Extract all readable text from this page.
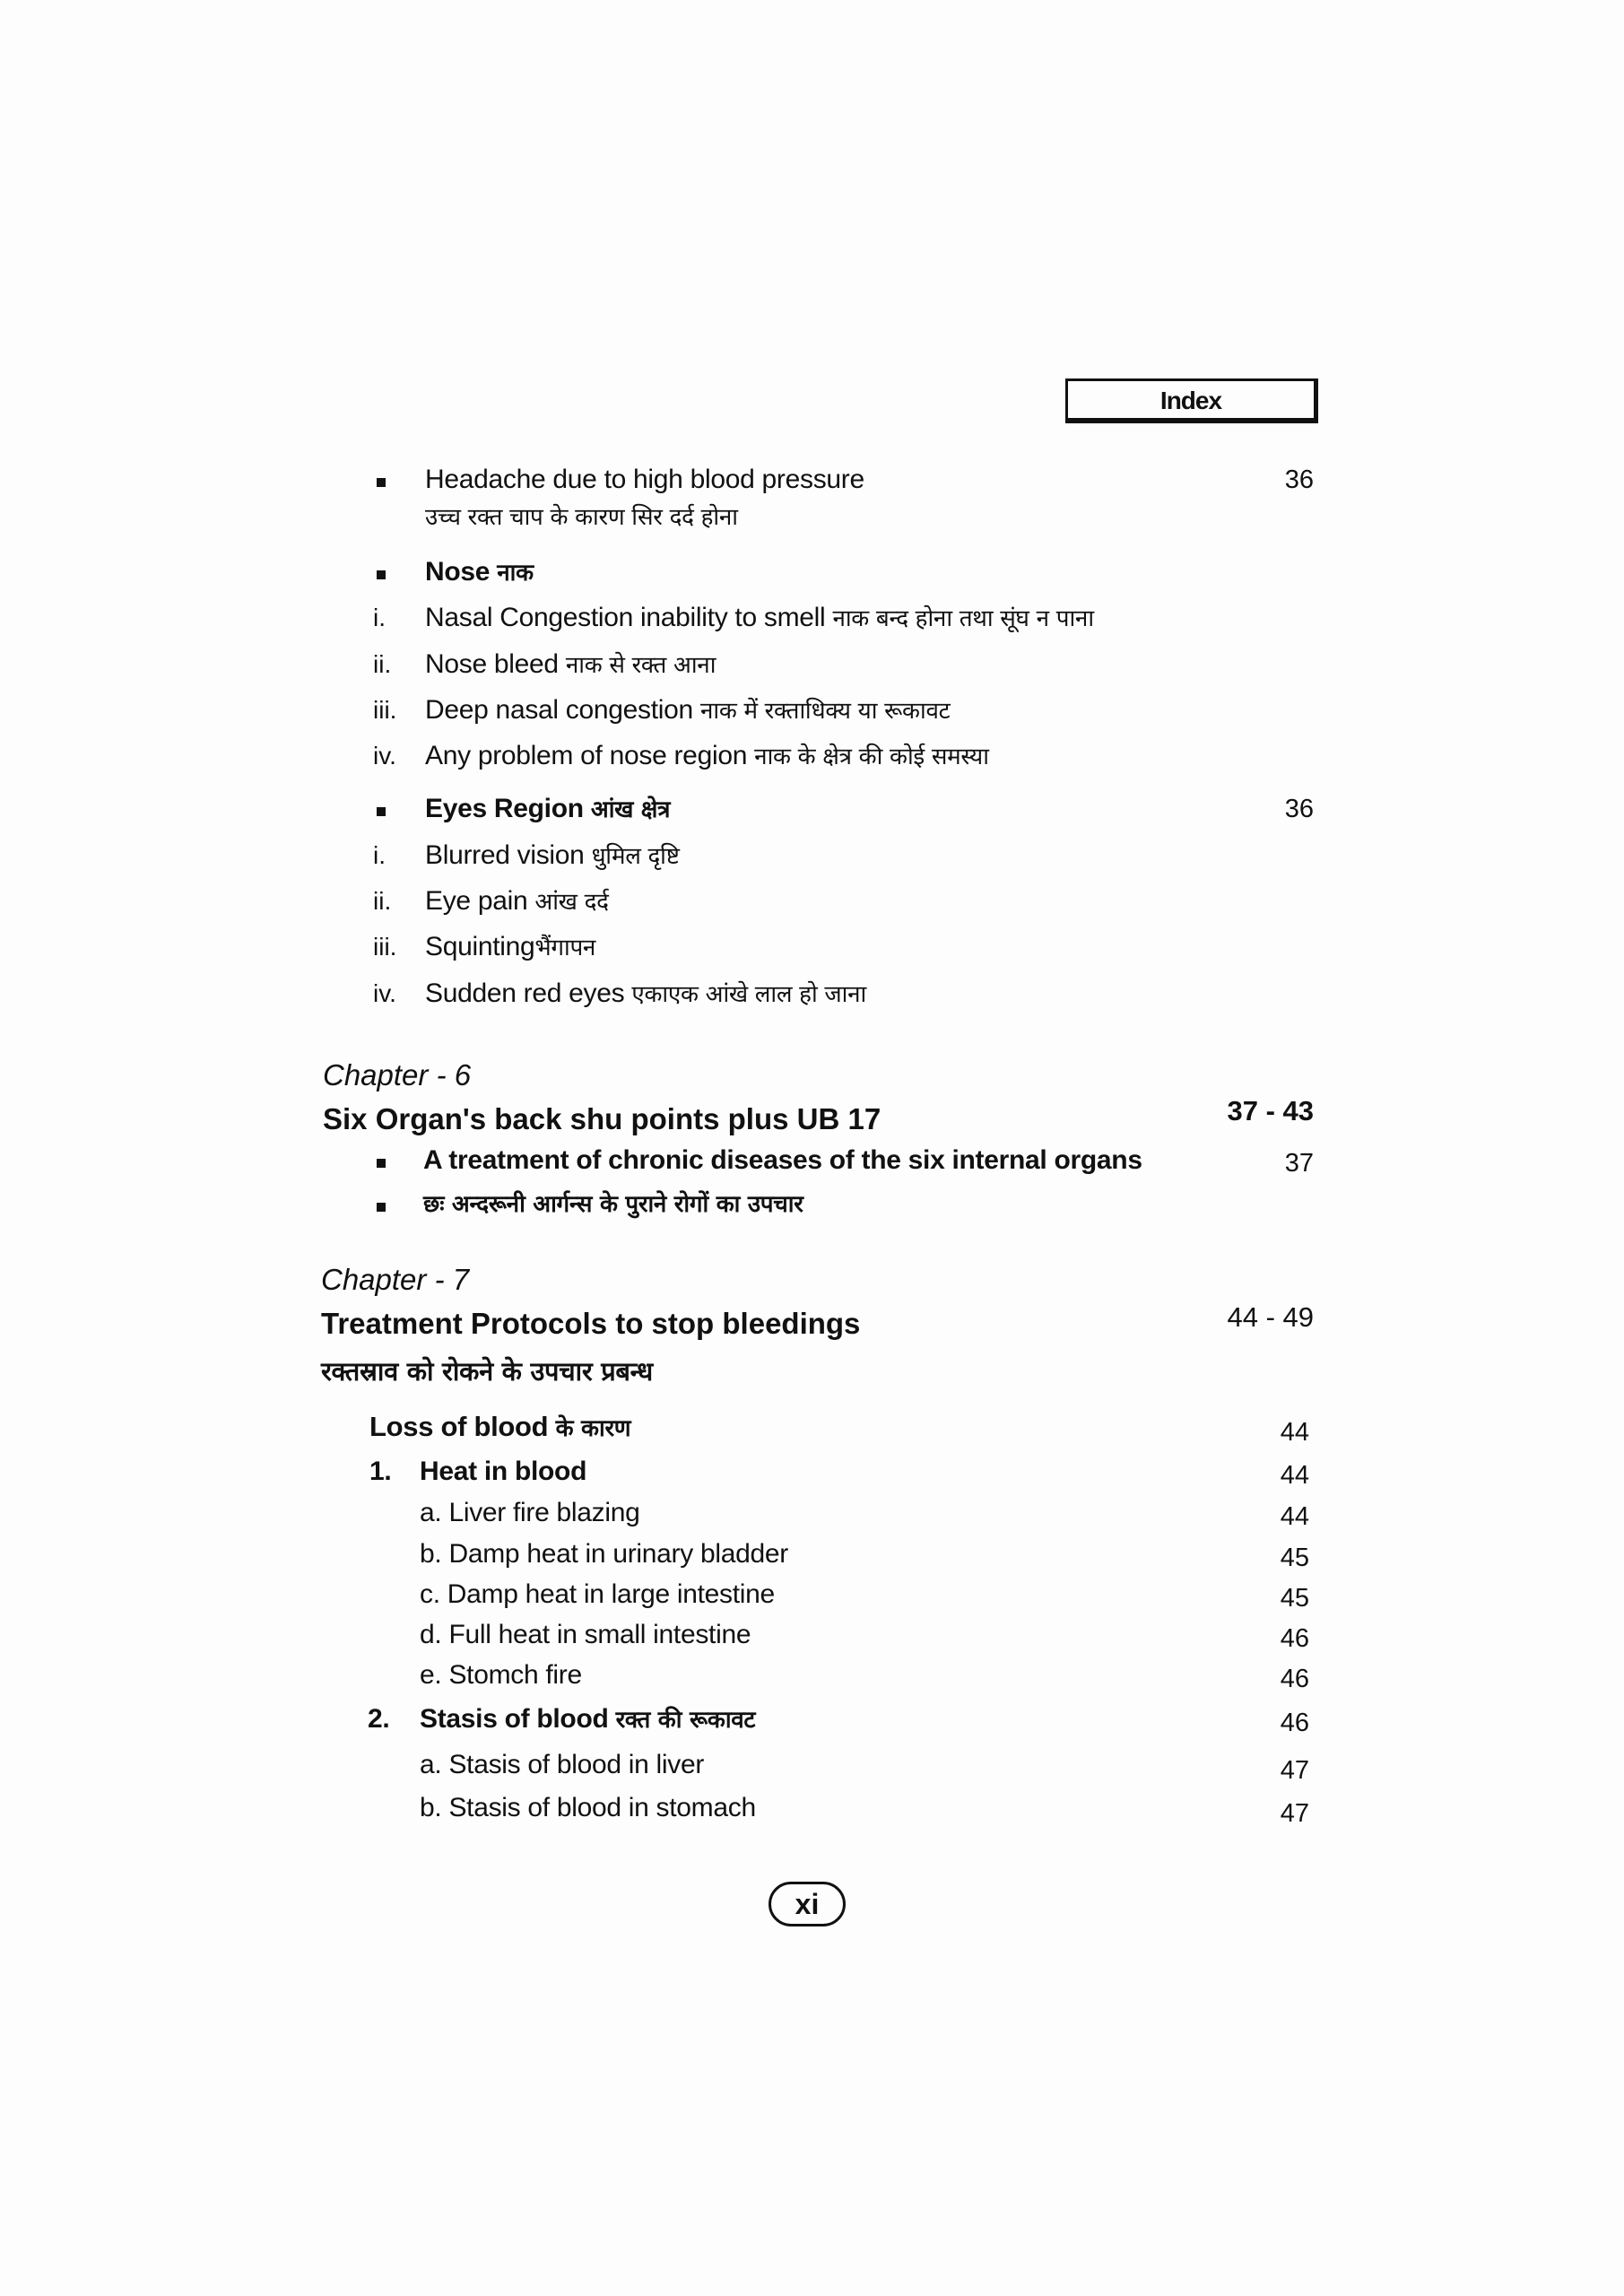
Index
Headache due to high blood pressure
उच्च रक्त चाप के कारण सिर दर्द होना
36
Nose नाक
i. Nasal Congestion inability to smell नाक बन्द होना तथा सूंघ न पाना
ii. Nose bleed नाक से रक्त आना
iii. Deep nasal congestion नाक में रक्ताधिक्य या रूकावट
iv. Any problem of nose region नाक के क्षेत्र की कोई समस्या
Eyes Region आंख क्षेत्र	36
i. Blurred vision धुमिल दृष्टि
ii. Eye pain आंख दर्द
iii. Squintingभैंगापन
iv. Sudden red eyes एकाएक आंखे लाल हो जाना
Chapter - 6
Six Organ's back shu points plus UB 17	37 - 43
A treatment of chronic diseases of the six internal organs	37
छः अन्दरूनी आर्गन्स के पुराने रोगों का उपचार
Chapter - 7
Treatment Protocols to stop bleedings	44 - 49
रक्तस्राव को रोकने के उपचार प्रबन्ध
Loss of blood के कारण	44
1. Heat in blood	44
a. Liver fire blazing	44
b. Damp heat in urinary bladder	45
c. Damp heat in large intestine	45
d. Full heat in small intestine	46
e. Stomch fire	46
2. Stasis of blood रक्त की रूकावट	46
a. Stasis of blood in liver	47
b. Stasis of blood in stomach	47
xi
